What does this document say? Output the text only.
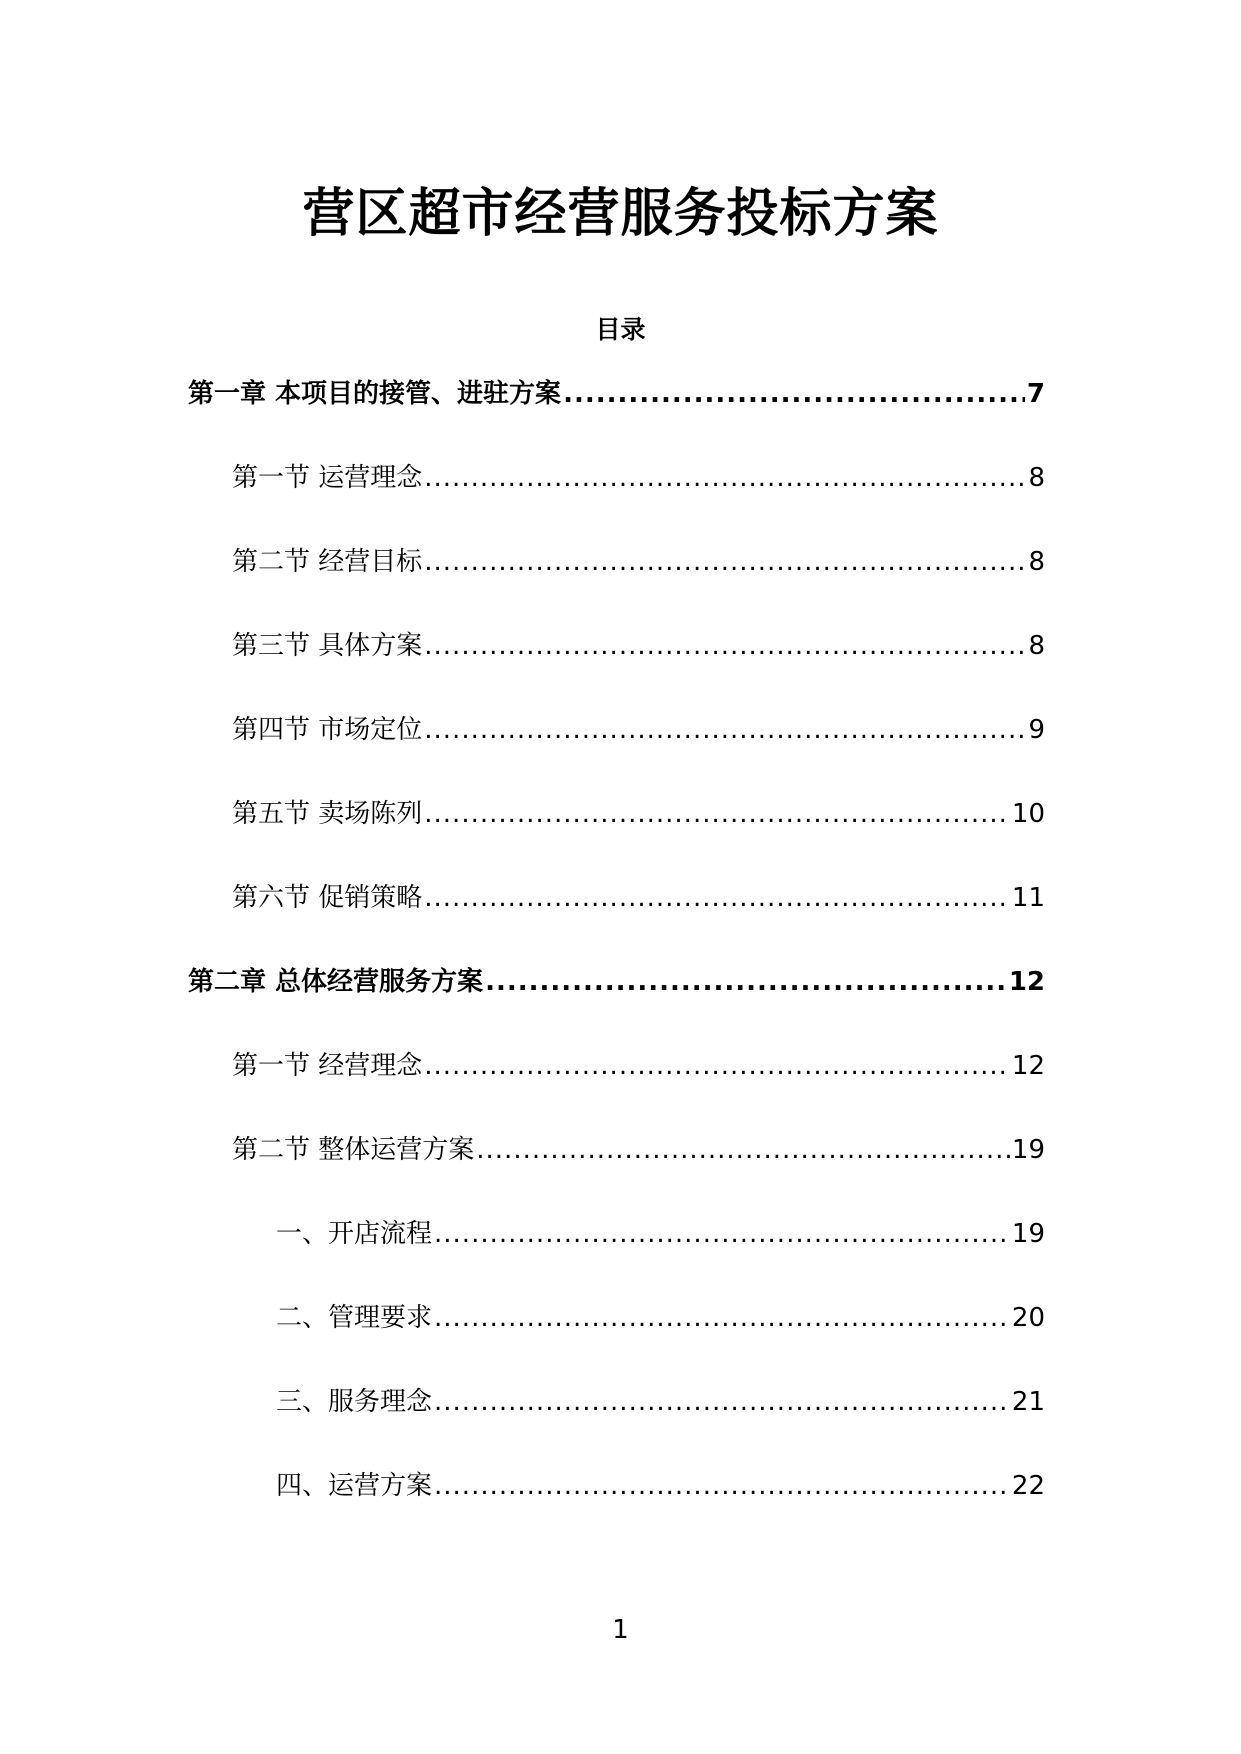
营区超市经营服务投标方案
目录
第一章 本项目的接管、进驻方案 .....	7
第一节 运营理念 .....	8
第二节 经营目标 .....	8
第三节 具体方案 .....	8
第四节 市场定位 .....	9
第五节 卖场陈列 .....	10
第六节 促销策略 .....	11
第二章 总体经营服务方案 .....	12
第一节 经营理念 .....	12
第二节 整体运营方案 .....	19
一、开店流程 .....	19
二、管理要求 .....	20
三、服务理念 .....	21
四、运营方案 .....	22
1
